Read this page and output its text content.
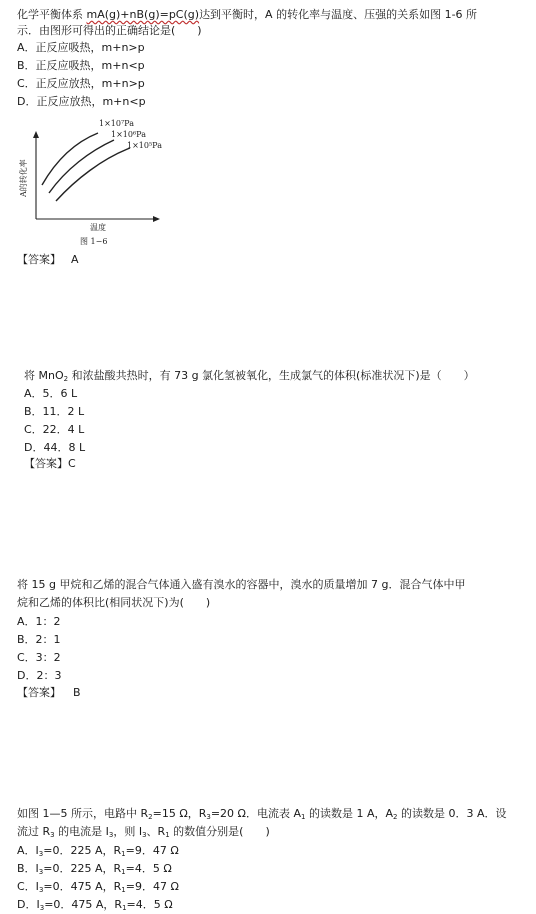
化学平衡体系 mA(g)+nB(g)=pC(g)达到平衡时，A 的转化率与温度、压强的关系如图 1-6 所
示．由图形可得出的正确结论是(　　)
A．正反应吸热，m+n>p
B．正反应吸热，m+n<p
C．正反应放热，m+n>p
D．正反应放热，m+n<p
1×10⁷Pa
1×10⁶Pa
1×10⁵Pa
A的转化率
温度
图 1−6
【答案】 A
将 MnO$_2$ 和浓盐酸共热时，有 73 g 氯化氢被氧化，生成氯气的体积(标准状况下)是（　　）
A．5．6 L
B．11．2 L
C．22．4 L
D．44．8 L
【答案】C
将 15 g 甲烷和乙烯的混合气体通入盛有溴水的容器中，溴水的质量增加 7 g．混合气体中甲
烷和乙烯的体积比(相同状况下)为(　　)
A．1：2
B．2：1
C．3：2
D．2：3
【答案】 B
如图 1—5 所示，电路中 $R_2=15$ Ω，$R_3=20$ Ω．电流表 $A_1$ 的读数是 1 A，$A_2$ 的读数是 0．3 A．设
流过 $R_3$ 的电流是 $I_3$，则 $I_3$、$R_1$ 的数值分别是(　　)
A．$I_3=0$．225 A，$R_1=9$．47 Ω
B．$I_3=0$．225 A，$R_1=4$．5 Ω
C．$I_3=0$．475 A，$R_1=9$．47 Ω
D．$I_3=0$．475 A，$R_1=4$．5 Ω
